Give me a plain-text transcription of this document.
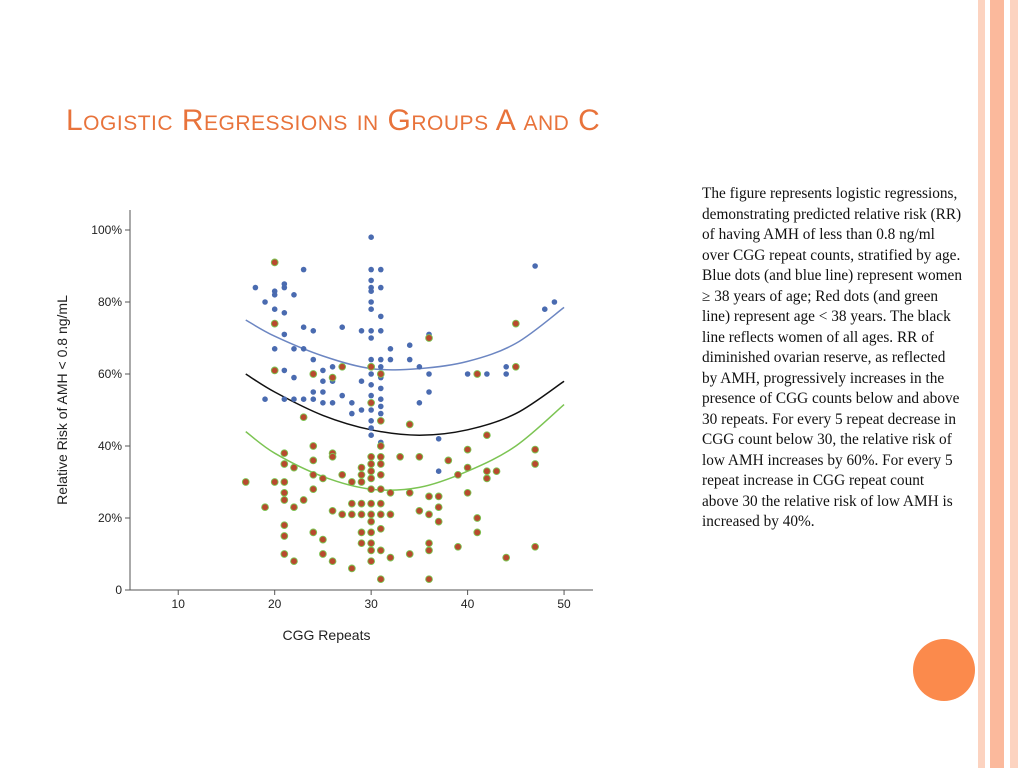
Logistic Regressions in Groups A and C
0
20%
40%
60%
80%
100%
10	20	30	40	50
CGG Repeats
Relative Risk of AMH < 0.8 ng/mL
The figure represents logistic regressions, demonstrating predicted relative risk (RR) of having AMH of less than 0.8 ng/ml over CGG repeat counts, stratified by age. Blue dots (and blue line) represent women ≥ 38 years of age; Red dots (and green line) represent age < 38 years. The black line reflects women of all ages. RR of diminished ovarian reserve, as reflected by AMH, progressively increases in the presence of CGG counts below and above 30 repeats. For every 5 repeat decrease in CGG count below 30, the relative risk of low AMH increases by 60%. For every 5 repeat increase in CGG repeat count above 30 the relative risk of low AMH is increased by 40%.
